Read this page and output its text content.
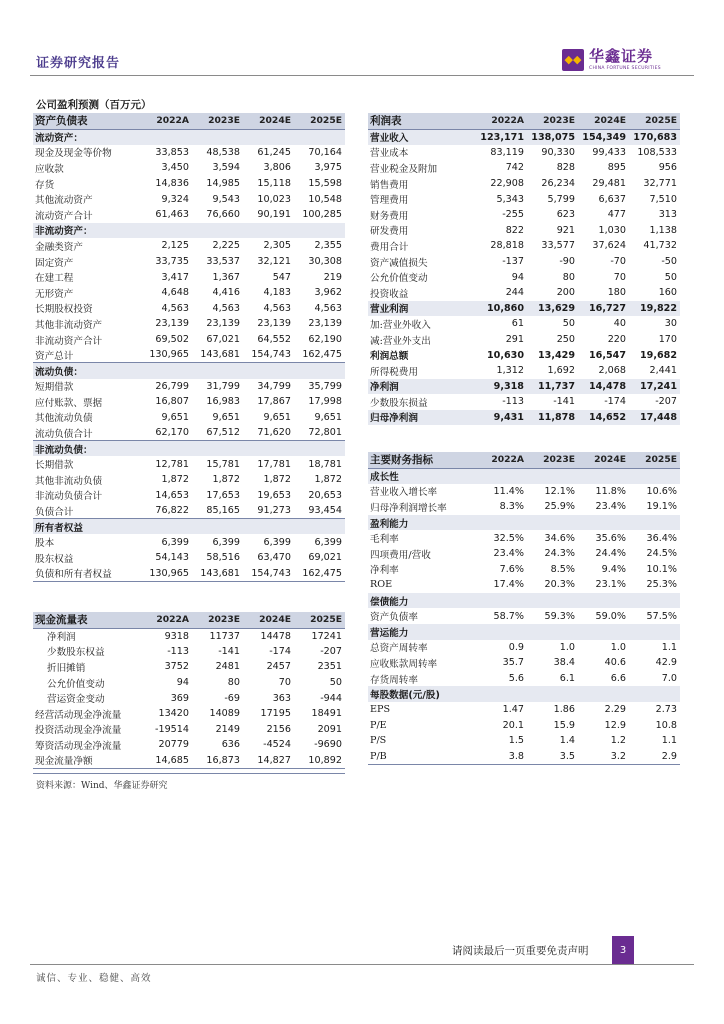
证券研究报告	◆◆ 华鑫证券
CHINA FORTUNE SECURITIES
公司盈利预测（百万元）
资产负债表	2022A	2023E	2024E	2025E
流动资产：				
现金及现金等价物	33,853	48,538	61,245	70,164
应收款	3,450	3,594	3,806	3,975
存货	14,836	14,985	15,118	15,598
其他流动资产	9,324	9,543	10,023	10,548
流动资产合计	61,463	76,660	90,191	100,285
非流动资产：				
金融类资产	2,125	2,225	2,305	2,355
固定资产	33,735	33,537	32,121	30,308
在建工程	3,417	1,367	547	219
无形资产	4,648	4,416	4,183	3,962
长期股权投资	4,563	4,563	4,563	4,563
其他非流动资产	23,139	23,139	23,139	23,139
非流动资产合计	69,502	67,021	64,552	62,190
资产总计	130,965	143,681	154,743	162,475
流动负债：				
短期借款	26,799	31,799	34,799	35,799
应付账款、票据	16,807	16,983	17,867	17,998
其他流动负债	9,651	9,651	9,651	9,651
流动负债合计	62,170	67,512	71,620	72,801
非流动负债：				
长期借款	12,781	15,781	17,781	18,781
其他非流动负债	1,872	1,872	1,872	1,872
非流动负债合计	14,653	17,653	19,653	20,653
负债合计	76,822	85,165	91,273	93,454
所有者权益				
股本	6,399	6,399	6,399	6,399
股东权益	54,143	58,516	63,470	69,021
负债和所有者权益	130,965	143,681	154,743	162,475
利润表	2022A	2023E	2024E	2025E
营业收入	123,171	138,075	154,349	170,683
营业成本	83,119	90,330	99,433	108,533
营业税金及附加	742	828	895	956
销售费用	22,908	26,234	29,481	32,771
管理费用	5,343	5,799	6,637	7,510
财务费用	-255	623	477	313
研发费用	822	921	1,030	1,138
费用合计	28,818	33,577	37,624	41,732
资产减值损失	-137	-90	-70	-50
公允价值变动	94	80	70	50
投资收益	244	200	180	160
营业利润	10,860	13,629	16,727	19,822
加:营业外收入	61	50	40	30
减:营业外支出	291	250	220	170
利润总额	10,630	13,429	16,547	19,682
所得税费用	1,312	1,692	2,068	2,441
净利润	9,318	11,737	14,478	17,241
少数股东损益	-113	-141	-174	-207
归母净利润	9,431	11,878	14,652	17,448
主要财务指标	2022A	2023E	2024E	2025E
成长性				
营业收入增长率	11.4%	12.1%	11.8%	10.6%
归母净利润增长率	8.3%	25.9%	23.4%	19.1%
盈利能力				
毛利率	32.5%	34.6%	35.6%	36.4%
四项费用/营收	23.4%	24.3%	24.4%	24.5%
净利率	7.6%	8.5%	9.4%	10.1%
ROE	17.4%	20.3%	23.1%	25.3%
偿债能力				
资产负债率	58.7%	59.3%	59.0%	57.5%
营运能力				
总资产周转率	0.9	1.0	1.0	1.1
应收账款周转率	35.7	38.4	40.6	42.9
存货周转率	5.6	6.1	6.6	7.0
每股数据(元/股)				
EPS	1.47	1.86	2.29	2.73
P/E	20.1	15.9	12.9	10.8
P/S	1.5	1.4	1.2	1.1
P/B	3.8	3.5	3.2	2.9
现金流量表	2022A	2023E	2024E	2025E
净利润	9318	11737	14478	17241
少数股东权益	-113	-141	-174	-207
折旧摊销	3752	2481	2457	2351
公允价值变动	94	80	70	50
营运资金变动	369	-69	363	-944
经营活动现金净流量	13420	14089	17195	18491
投资活动现金净流量	-19514	2149	2156	2091
筹资活动现金净流量	20779	636	-4524	-9690
现金流量净额	14,685	16,873	14,827	10,892
资料来源：Wind、华鑫证券研究
请阅读最后一页重要免责声明	3
诚信、专业、稳健、高效
